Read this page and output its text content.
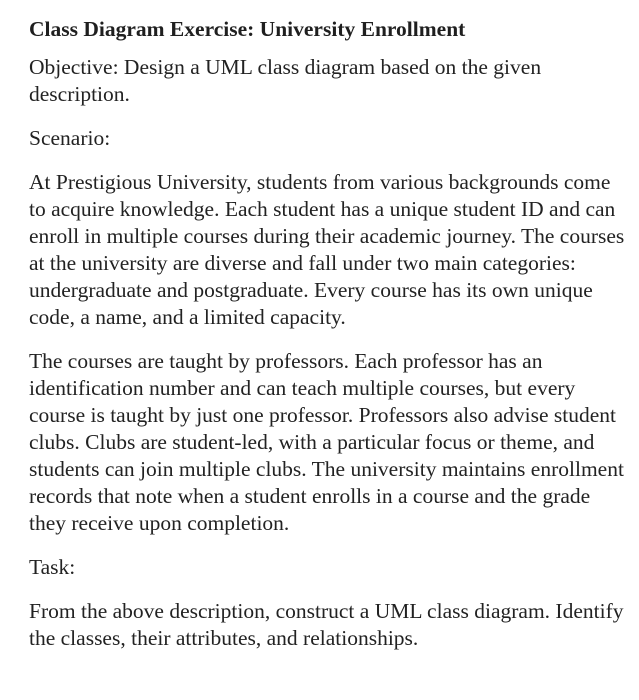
Class Diagram Exercise: University Enrollment

Objective: Design a UML class diagram based on the given description.

Scenario:

At Prestigious University, students from various backgrounds come to acquire knowledge. Each student has a unique student ID and can enroll in multiple courses during their academic journey. The courses at the university are diverse and fall under two main categories: undergraduate and postgraduate. Every course has its own unique code, a name, and a limited capacity.

The courses are taught by professors. Each professor has an identification number and can teach multiple courses, but every course is taught by just one professor. Professors also advise student clubs. Clubs are student-led, with a particular focus or theme, and students can join multiple clubs. The university maintains enrollment records that note when a student enrolls in a course and the grade they receive upon completion.

Task:

From the above description, construct a UML class diagram. Identify the classes, their attributes, and relationships.
